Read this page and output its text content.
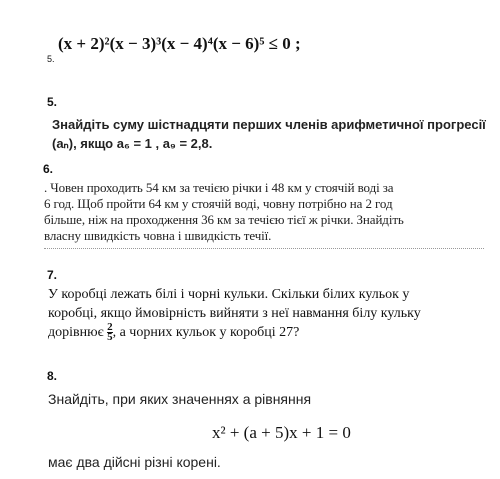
(x + 2)²(x − 3)³(x − 4)⁴(x − 6)⁵ ≤ 0 ;
5.
5.
Знайдіть суму шістнадцяти перших членів арифметичної прогресії
(aₙ), якщо a₆ = 1 , a₉ = 2,8.
6.
. Човен проходить 54 км за течією річки і 48 км у стоячій воді за
6 год. Щоб пройти 64 км у стоячій воді, човну потрібно на 2 год
більше, ніж на проходження 36 км за течією тієї ж річки. Знайдіть
власну швидкість човна і швидкість течії.
7.
У коробці лежать білі і чорні кульки. Скільки білих кульок у
коробці, якщо ймовірність вийняти з неї навмання білу кульку
дорівнює $\frac{2}{5}$ , а чорних кульок у коробці 27?
8.
Знайдіть, при яких значеннях a рівняння
x² + (a + 5)x + 1 = 0
має два дійсні різні корені.
